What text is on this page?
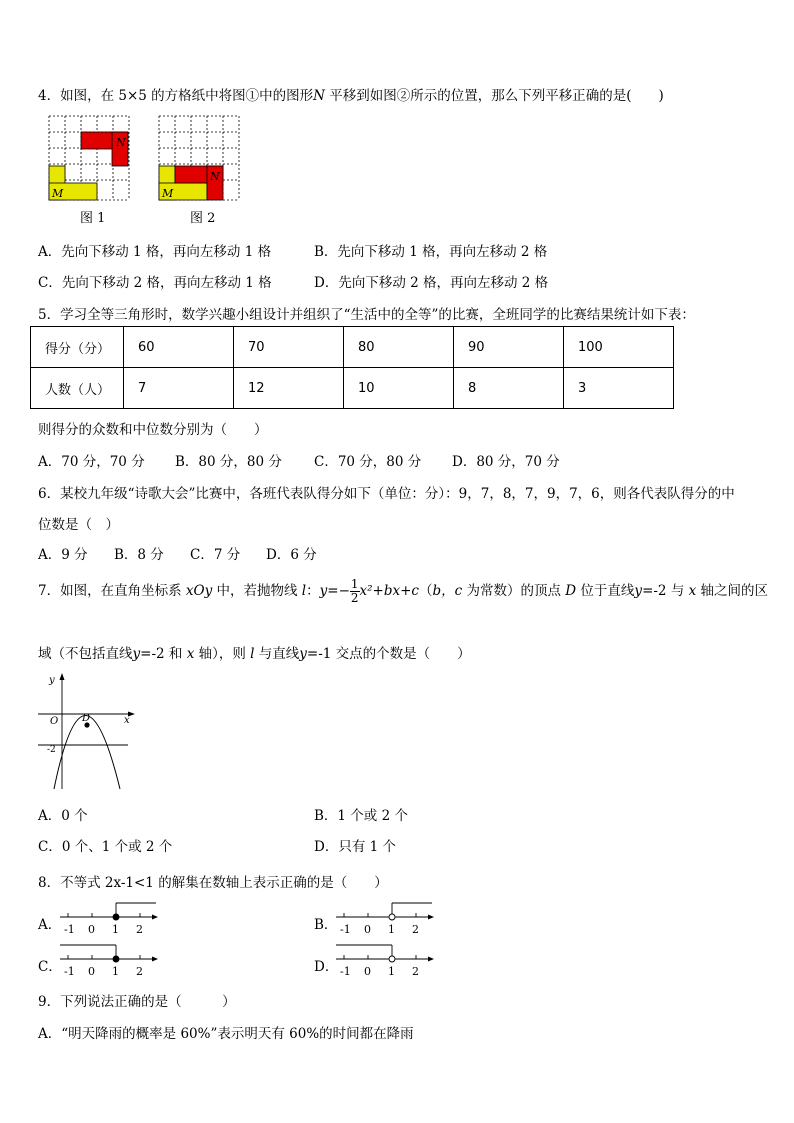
4．如图，在 5×5 的方格纸中将图①中的图形N 平移到如图②所示的位置，那么下列平移正确的是(　　)
N
M
图 1
N
M
图 2
A．先向下移动 1 格，再向左移动 1 格	B．先向下移动 1 格，再向左移动 2 格
C．先向下移动 2 格，再向左移动 1 格	D．先向下移动 2 格，再向左移动 2 格
5．学习全等三角形时，数学兴趣小组设计并组织了“生活中的全等”的比赛，全班同学的比赛结果统计如下表：
得分（分）	60	70	80	90	100
人数（人）	7	12	10	8	3
则得分的众数和中位数分别为（　　）
A．70 分，70 分 B．80 分，80 分 C．70 分，80 分 D．80 分，70 分
6．某校九年级“诗歌大会”比赛中，各班代表队得分如下（单位：分）：9，7，8，7，9，7，6，则各代表队得分的中
位数是（　）
A．9 分 B．8 分 C．7 分 D．6 分
7．如图，在直角坐标系 xOy 中，若抛物线 l：$y=- \frac{1}{2} x^2+bx+c(b$，c 为常数）的顶点 D 位于直线y=-2 与 x 轴之间的区
域（不包括直线y=-2 和 x 轴），则 l 与直线y=-1 交点的个数是（　　）
y
x
O D
-2
A．0 个	B．1 个或 2 个
C．0 个、1 个或 2 个	D．只有 1 个
8．不等式 2x-1<1 的解集在数轴上表示正确的是（　　）
A． -1 0 1 2	B． -1 0 1 2
C． -1 0 1 2	D． -1 0 1 2
9．下列说法正确的是（　　　）
A．“明天降雨的概率是 60%”表示明天有 60%的时间都在降雨
